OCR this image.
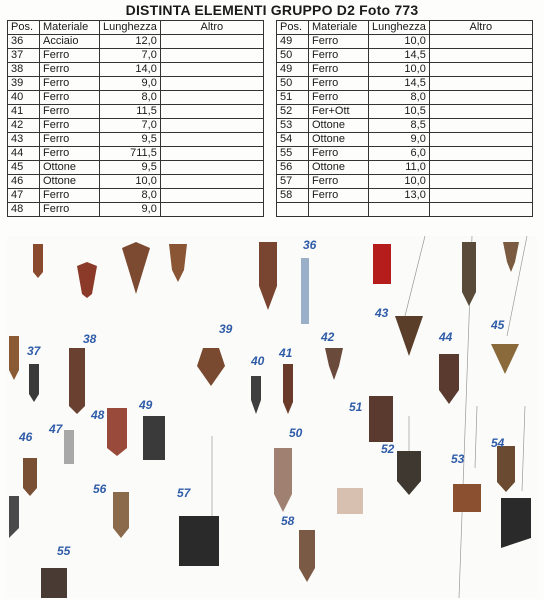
DISTINTA ELEMENTI GRUPPO D2 Foto 773
Pos.	Materiale	Lunghezza	Altro
36	Acciaio	12,0	
37	Ferro	7,0	
38	Ferro	14,0	
39	Ferro	9,0	
40	Ferro	8,0	
41	Ferro	11,5	
42	Ferro	7,0	
43	Ferro	9,5	
44	Ferro	711,5	
45	Ottone	9,5	
46	Ottone	10,0	
47	Ferro	8,0	
48	Ferro	9,0	
Pos.	Materiale	Lunghezza	Altro
49	Ferro	10,0	
50	Ferro	14,5	
49	Ferro	10,0	
50	Ferro	14,5	
51	Ferro	8,0	
52	Fer+Ott	10,5	
53	Ottone	8,5	
54	Ottone	9,0	
55	Ferro	6,0	
56	Ottone	11,0	
57	Ferro	10,0	
58	Ferro	13,0	

36
37
38
39
40
41
42
43
44
45
46
47
48
49
50
51
52
53
54
55
56	57
58
